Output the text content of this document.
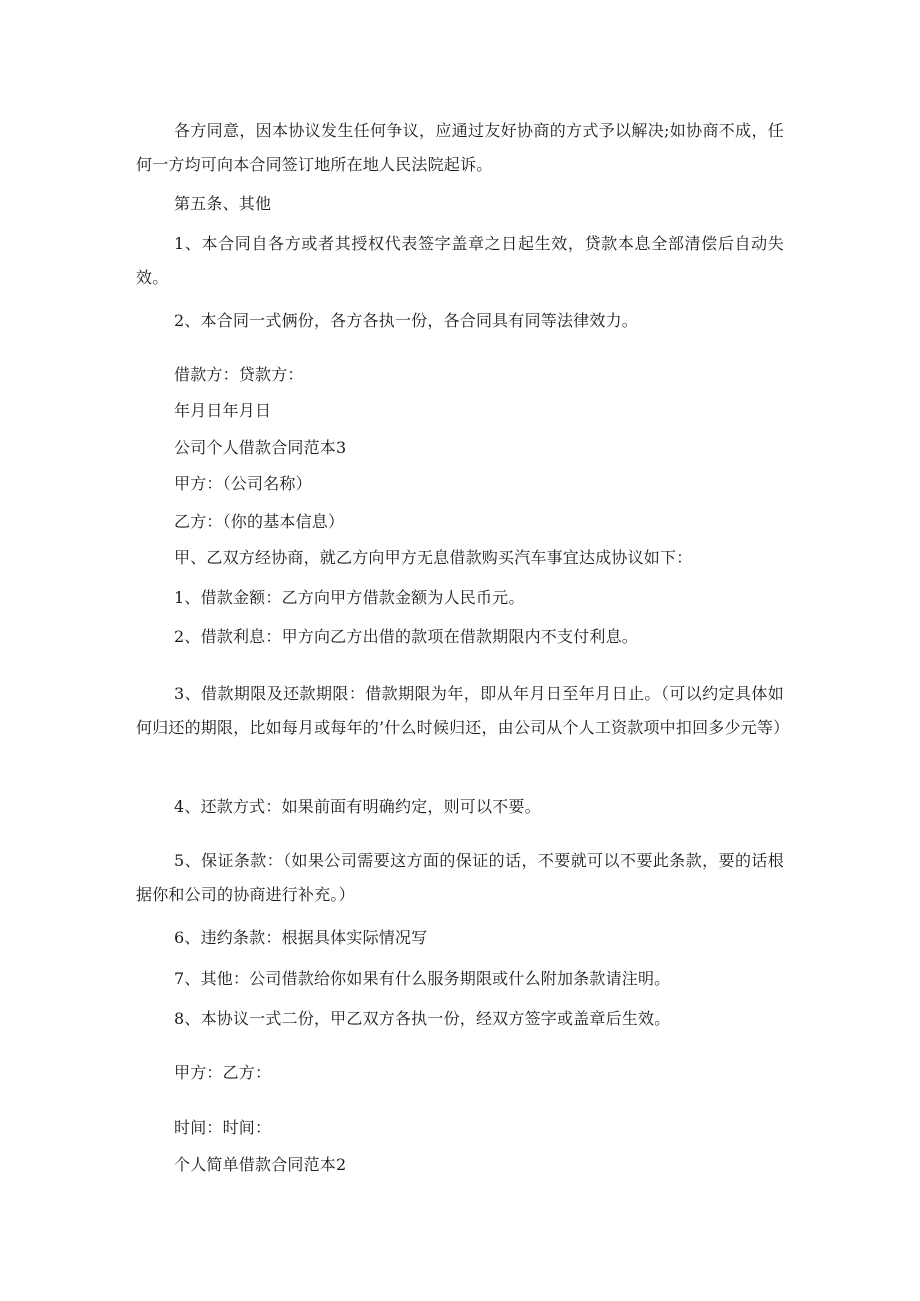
各方同意，因本协议发生任何争议，应通过友好协商的方式予以解决;如协商不成，任何一方均可向本合同签订地所在地人民法院起诉。

第五条、其他

1、本合同自各方或者其授权代表签字盖章之日起生效，贷款本息全部清偿后自动失效。

2、本合同一式俩份，各方各执一份，各合同具有同等法律效力。

借款方：贷款方：

年月日年月日

公司个人借款合同范本3

甲方：（公司名称）

乙方：（你的基本信息）

甲、乙双方经协商，就乙方向甲方无息借款购买汽车事宜达成协议如下：

1、借款金额：乙方向甲方借款金额为人民币元。

2、借款利息：甲方向乙方出借的款项在借款期限内不支付利息。

3、借款期限及还款期限：借款期限为年，即从年月日至年月日止。（可以约定具体如何归还的期限，比如每月或每年的’什么时候归还，由公司从个人工资款项中扣回多少元等）

4、还款方式：如果前面有明确约定，则可以不要。

5、保证条款：（如果公司需要这方面的保证的话，不要就可以不要此条款，要的话根据你和公司的协商进行补充。）

6、违约条款：根据具体实际情况写

7、其他：公司借款给你如果有什么服务期限或什么附加条款请注明。

8、本协议一式二份，甲乙双方各执一份，经双方签字或盖章后生效。

甲方：乙方：

时间：时间：

个人简单借款合同范本2
